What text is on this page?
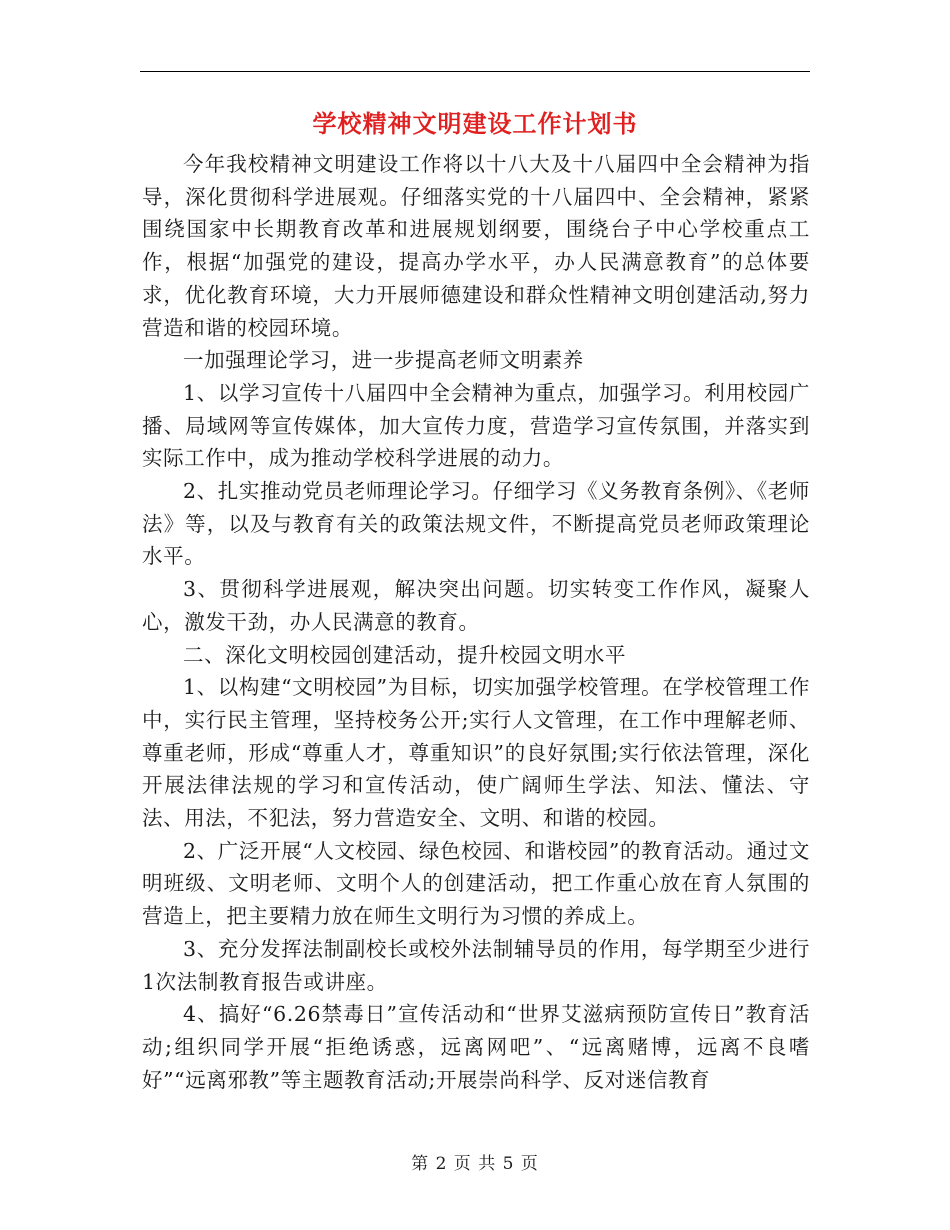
学校精神文明建设工作计划书

今年我校精神文明建设工作将以十八大及十八届四中全会精神为指导，深化贯彻科学进展观。仔细落实党的十八届四中、全会精神，紧紧围绕国家中长期教育改革和进展规划纲要，围绕台子中心学校重点工作，根据“加强党的建设，提高办学水平，办人民满意教育”的总体要求，优化教育环境，大力开展师德建设和群众性精神文明创建活动,努力营造和谐的校园环境。

一加强理论学习，进一步提高老师文明素养

1、以学习宣传十八届四中全会精神为重点，加强学习。利用校园广播、局域网等宣传媒体，加大宣传力度，营造学习宣传氛围，并落实到实际工作中，成为推动学校科学进展的动力。

2、扎实推动党员老师理论学习。仔细学习《义务教育条例》、《老师法》等，以及与教育有关的政策法规文件，不断提高党员老师政策理论水平。

3、贯彻科学进展观，解决突出问题。切实转变工作作风，凝聚人心，激发干劲，办人民满意的教育。

二、深化文明校园创建活动，提升校园文明水平

1、以构建“文明校园”为目标，切实加强学校管理。在学校管理工作中，实行民主管理，坚持校务公开;实行人文管理，在工作中理解老师、尊重老师，形成“尊重人才，尊重知识”的良好氛围;实行依法管理，深化开展法律法规的学习和宣传活动，使广阔师生学法、知法、懂法、守法、用法，不犯法，努力营造安全、文明、和谐的校园。

2、广泛开展“人文校园、绿色校园、和谐校园”的教育活动。通过文明班级、文明老师、文明个人的创建活动，把工作重心放在育人氛围的营造上，把主要精力放在师生文明行为习惯的养成上。

3、充分发挥法制副校长或校外法制辅导员的作用，每学期至少进行1次法制教育报告或讲座。

4、搞好“6.26禁毒日”宣传活动和“世界艾滋病预防宣传日”教育活动;组织同学开展“拒绝诱惑，远离网吧”、“远离赌博，远离不良嗜好”“远离邪教”等主题教育活动;开展崇尚科学、反对迷信教育

第 2 页 共 5 页
